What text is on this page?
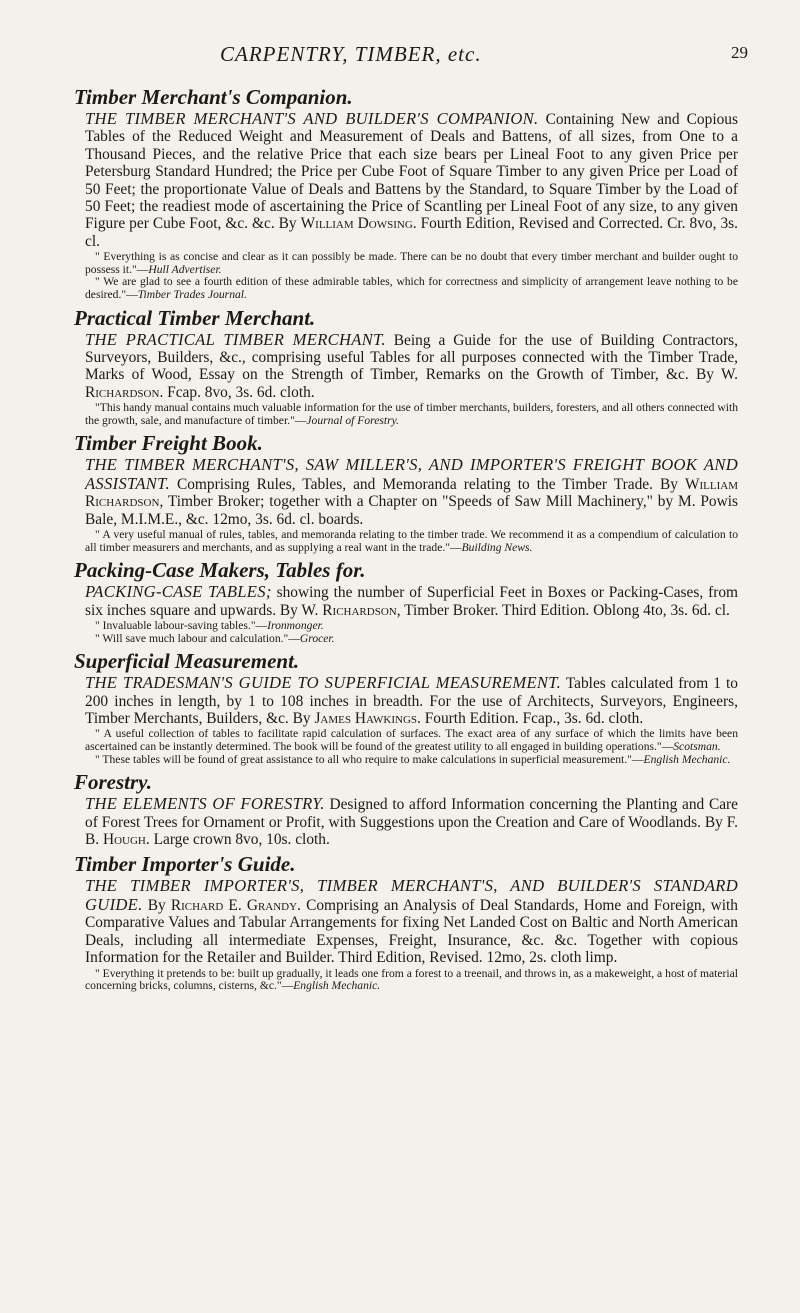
CARPENTRY, TIMBER, etc.	29
Timber Merchant's Companion.

THE TIMBER MERCHANT'S AND BUILDER'S COMPANION. Containing New and Copious Tables of the Reduced Weight and Measurement of Deals and Battens, of all sizes, from One to a Thousand Pieces, and the relative Price that each size bears per Lineal Foot to any given Price per Petersburg Standard Hundred; the Price per Cube Foot of Square Timber to any given Price per Load of 50 Feet; the proportionate Value of Deals and Battens by the Standard, to Square Timber by the Load of 50 Feet; the readiest mode of ascertaining the Price of Scantling per Lineal Foot of any size, to any given Figure per Cube Foot, &c. &c. By William Dowsing. Fourth Edition, Revised and Corrected. Cr. 8vo, 3s. cl.

" Everything is as concise and clear as it can possibly be made. There can be no doubt that every timber merchant and builder ought to possess it."—Hull Advertiser.

" We are glad to see a fourth edition of these admirable tables, which for correctness and simplicity of arrangement leave nothing to be desired."—Timber Trades Journal.

Practical Timber Merchant.

THE PRACTICAL TIMBER MERCHANT. Being a Guide for the use of Building Contractors, Surveyors, Builders, &c., comprising useful Tables for all purposes connected with the Timber Trade, Marks of Wood, Essay on the Strength of Timber, Remarks on the Growth of Timber, &c. By W. Richardson. Fcap. 8vo, 3s. 6d. cloth.

"This handy manual contains much valuable information for the use of timber merchants, builders, foresters, and all others connected with the growth, sale, and manufacture of timber."—Journal of Forestry.

Timber Freight Book.

THE TIMBER MERCHANT'S, SAW MILLER'S, AND IMPORTER'S FREIGHT BOOK AND ASSISTANT. Comprising Rules, Tables, and Memoranda relating to the Timber Trade. By William Richardson, Timber Broker; together with a Chapter on "Speeds of Saw Mill Machinery," by M. Powis Bale, M.I.M.E., &c. 12mo, 3s. 6d. cl. boards.

" A very useful manual of rules, tables, and memoranda relating to the timber trade. We recommend it as a compendium of calculation to all timber measurers and merchants, and as supplying a real want in the trade."—Building News.

Packing-Case Makers, Tables for.

PACKING-CASE TABLES; showing the number of Superficial Feet in Boxes or Packing-Cases, from six inches square and upwards. By W. Richardson, Timber Broker. Third Edition. Oblong 4to, 3s. 6d. cl.

" Invaluable labour-saving tables."—Ironmonger.

" Will save much labour and calculation."—Grocer.

Superficial Measurement.

THE TRADESMAN'S GUIDE TO SUPERFICIAL MEASUREMENT. Tables calculated from 1 to 200 inches in length, by 1 to 108 inches in breadth. For the use of Architects, Surveyors, Engineers, Timber Merchants, Builders, &c. By James Hawkings. Fourth Edition. Fcap., 3s. 6d. cloth.

" A useful collection of tables to facilitate rapid calculation of surfaces. The exact area of any surface of which the limits have been ascertained can be instantly determined. The book will be found of the greatest utility to all engaged in building operations."—Scotsman.

" These tables will be found of great assistance to all who require to make calculations in superficial measurement."—English Mechanic.

Forestry.

THE ELEMENTS OF FORESTRY. Designed to afford Information concerning the Planting and Care of Forest Trees for Ornament or Profit, with Suggestions upon the Creation and Care of Woodlands. By F. B. Hough. Large crown 8vo, 10s. cloth.

Timber Importer's Guide.

THE TIMBER IMPORTER'S, TIMBER MERCHANT'S, AND BUILDER'S STANDARD GUIDE. By Richard E. Grandy. Comprising an Analysis of Deal Standards, Home and Foreign, with Comparative Values and Tabular Arrangements for fixing Net Landed Cost on Baltic and North American Deals, including all intermediate Expenses, Freight, Insurance, &c. &c. Together with copious Information for the Retailer and Builder. Third Edition, Revised. 12mo, 2s. cloth limp.

" Everything it pretends to be: built up gradually, it leads one from a forest to a treenail, and throws in, as a makeweight, a host of material concerning bricks, columns, cisterns, &c."—English Mechanic.
